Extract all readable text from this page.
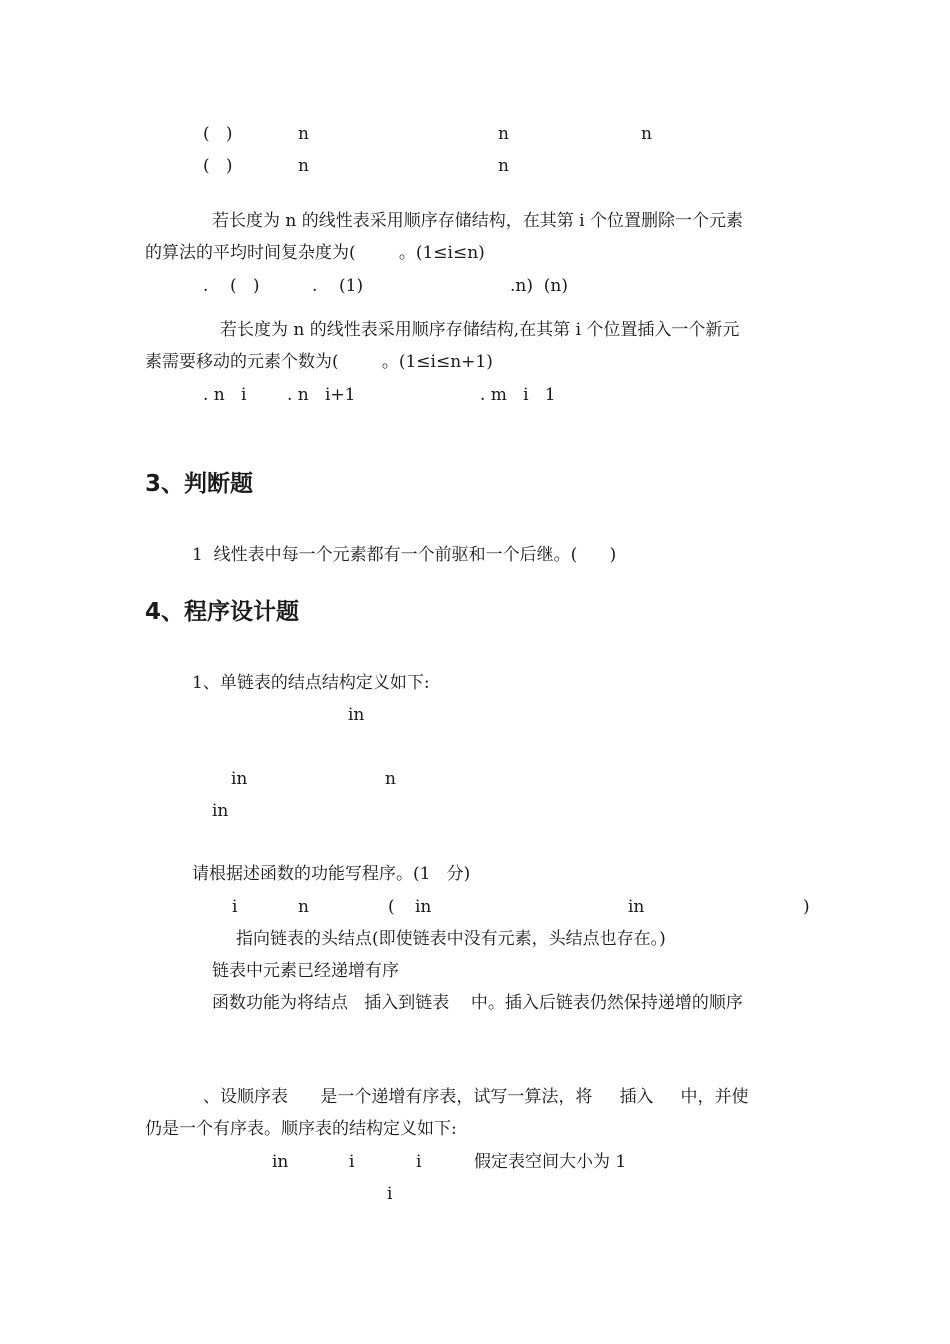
(   )	n	n	n
(   )	n	n
若长度为 n 的线性表采用顺序存储结构，在其第 i 个位置删除一个元素
的算法的平均时间复杂度为(        。(1≤i≤n)
.    (   )	.    (1)	.n)  (n)
若长度为 n 的线性表采用顺序存储结构,在其第 i 个位置插入一个新元
素需要移动的元素个数为(        。(1≤i≤n+1)
. n   i . n   i+1	. m   i   1
3、判断题
1  线性表中每一个元素都有一个前驱和一个后继。(      )
4、程序设计题
1、单链表的结点结构定义如下:
in
in	n
in
请根据述函数的功能写程序。(1   分)
i	n	( in	in	)
指向链表的头结点(即使链表中没有元素，头结点也存在。)
链表中元素已经递增有序
函数功能为将结点   插入到链表    中。插入后链表仍然保持递增的顺序
、设顺序表      是一个递增有序表，试写一算法，将     插入     中，并使
仍是一个有序表。顺序表的结构定义如下:
in	i	i	假定表空间大小为 1
i
